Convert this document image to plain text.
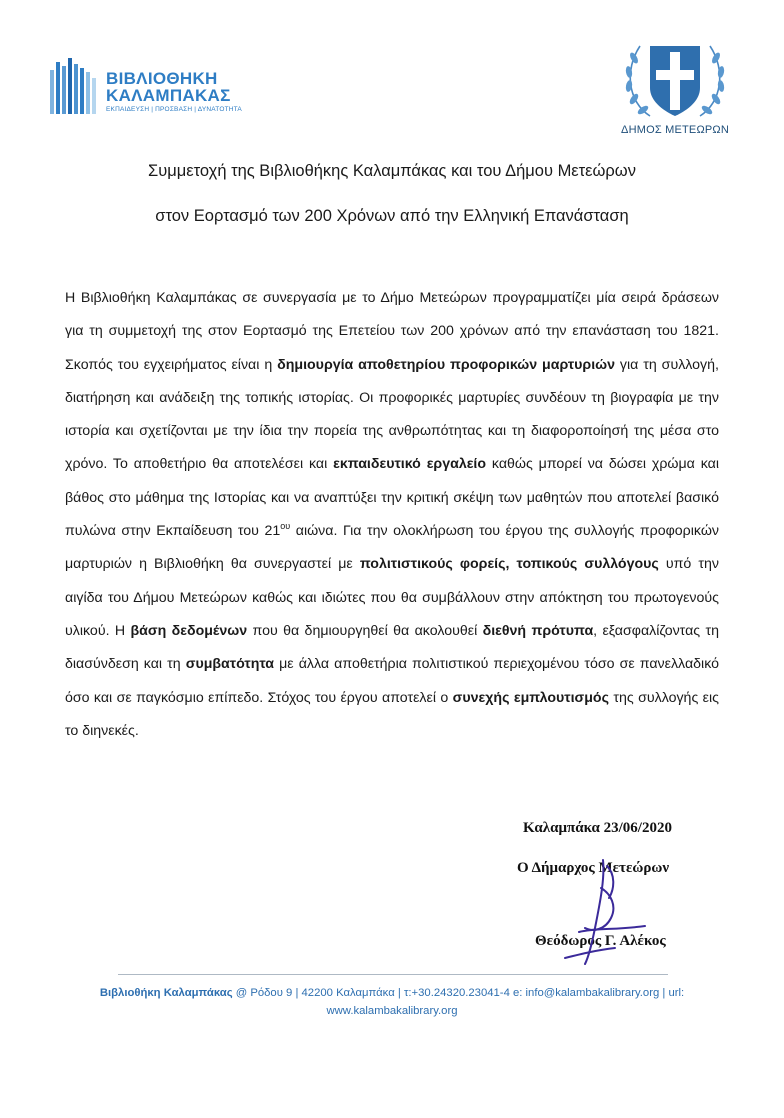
ΒΙΒΛΙΟΘΗΚΗ
ΚΑΛΑΜΠΑΚΑΣ
ΕΚΠΑΙΔΕΥΣΗ | ΠΡΟΣΒΑΣΗ | ΔΥΝΑΤΟΤΗΤΑ
ΔΗΜΟΣ ΜΕΤΕΩΡΩΝ
Συμμετοχή της Βιβλιοθήκης Καλαμπάκας και του Δήμου Μετεώρων
στον Εορτασμό των 200 Χρόνων από την Ελληνική Επανάσταση
Η Βιβλιοθήκη Καλαμπάκας σε συνεργασία με το Δήμο Μετεώρων προγραμματίζει μία σειρά δράσεων για τη συμμετοχή της στον Εορτασμό της Επετείου των 200 χρόνων από την επανάσταση του 1821. Σκοπός του εγχειρήματος είναι η δημιουργία αποθετηρίου προφορικών μαρτυριών για τη συλλογή, διατήρηση και ανάδειξη της τοπικής ιστορίας. Οι προφορικές μαρτυρίες συνδέουν τη βιογραφία με την ιστορία και σχετίζονται με την ίδια την πορεία της ανθρωπότητας και τη διαφοροποίησή της μέσα στο χρόνο. Το αποθετήριο θα αποτελέσει και εκπαιδευτικό εργαλείο καθώς μπορεί να δώσει χρώμα και βάθος στο μάθημα της Ιστορίας και να αναπτύξει την κριτική σκέψη των μαθητών που αποτελεί βασικό πυλώνα στην Εκπαίδευση του $21^{o\upsilon}$ αιώνα. Για την ολοκλήρωση του έργου της συλλογής προφορικών μαρτυριών η Βιβλιοθήκη θα συνεργαστεί με πολιτιστικούς φορείς, τοπικούς συλλόγους υπό την αιγίδα του Δήμου Μετεώρων καθώς και ιδιώτες που θα συμβάλλουν στην απόκτηση του πρωτογενούς υλικού. Η βάση δεδομένων που θα δημιουργηθεί θα ακολουθεί διεθνή πρότυπα, εξασφαλίζοντας τη διασύνδεση και τη συμβατότητα με άλλα αποθετήρια πολιτιστικού περιεχομένου τόσο σε πανελλαδικό όσο και σε παγκόσμιο επίπεδο. Στόχος του έργου αποτελεί ο συνεχής εμπλουτισμός της συλλογής εις το διηνεκές.
Καλαμπάκα 23/06/2020
Ο Δήμαρχος Μετεώρων
Θεόδωρος Γ. Αλέκος
Βιβλιοθήκη Καλαμπάκας @ Ρόδου 9 | 42200 Καλαμπάκα | τ:+30.24320.23041-4 e: info@kalambakalibrary.org | url:
www.kalambakalibrary.org
